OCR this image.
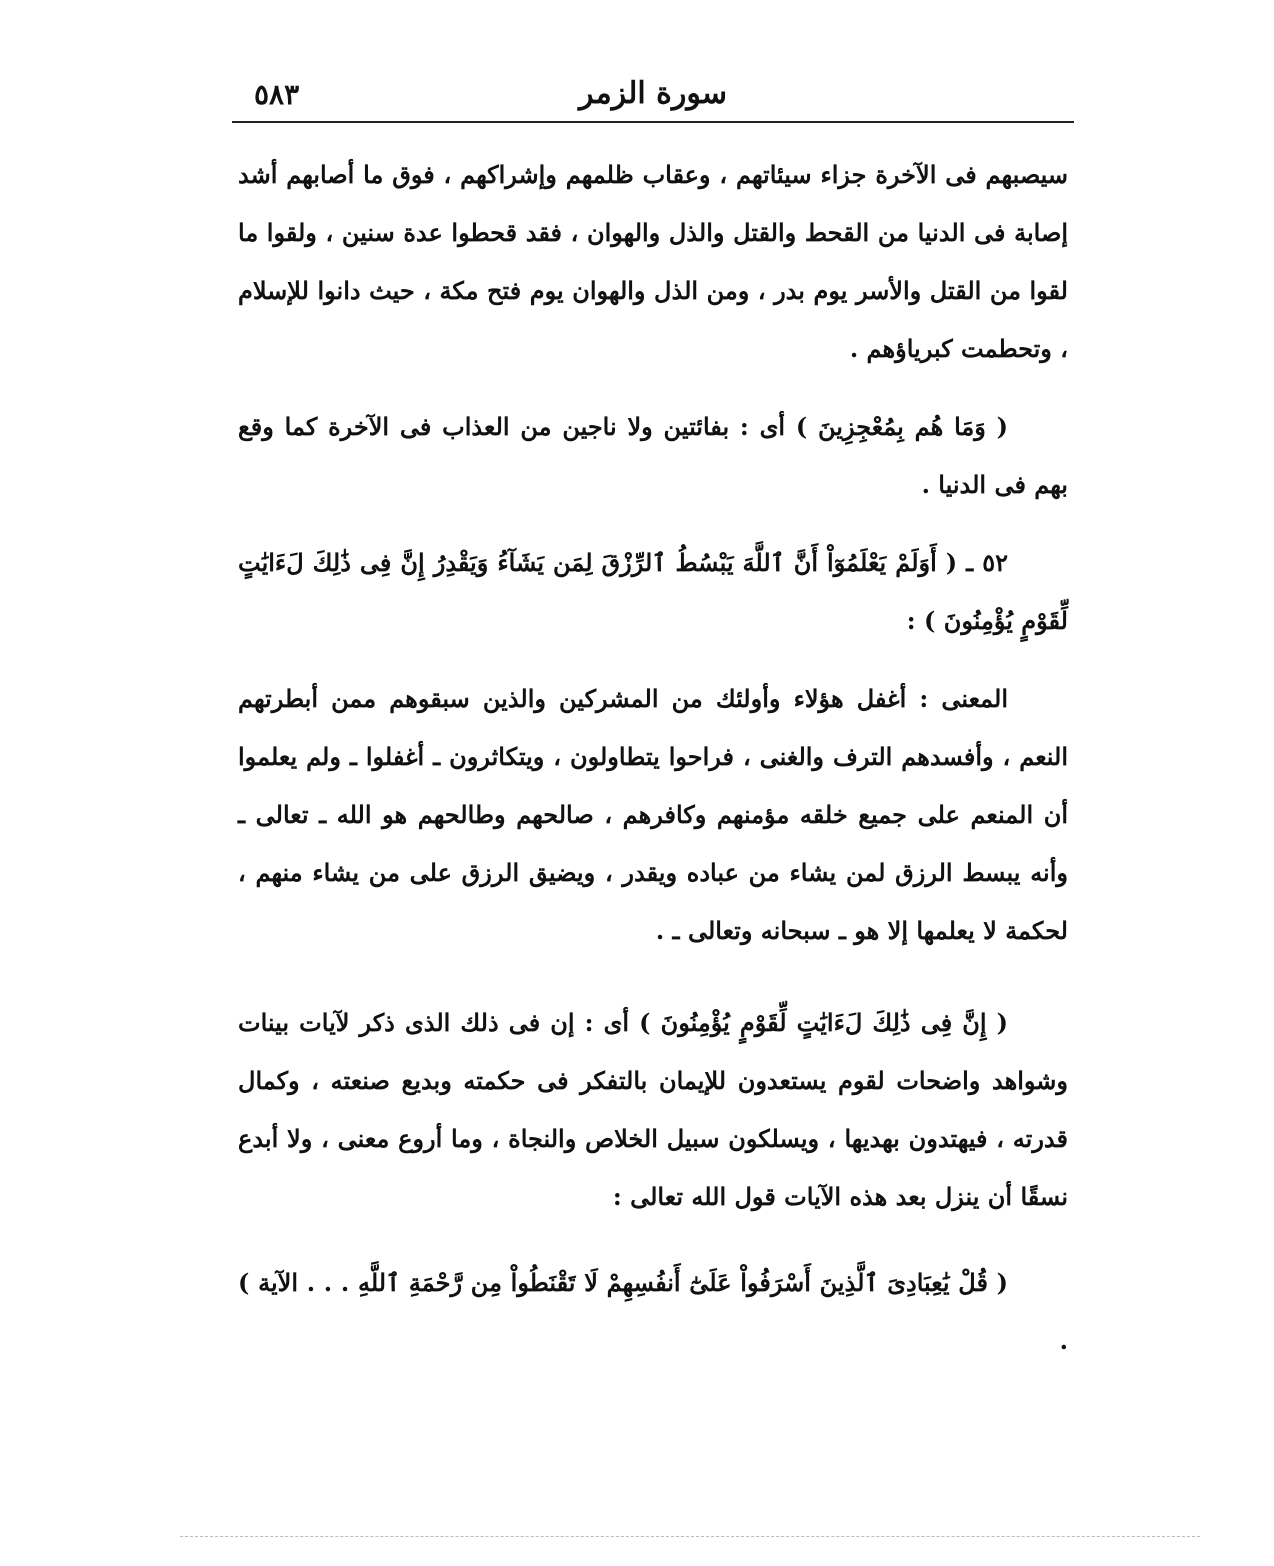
سورة الزمر
٥٨٣

سيصبهم فى الآخرة جزاء سيئاتهم ، وعقاب ظلمهم وإشراكهم ، فوق ما أصابهم أشد إصابة فى الدنيا من القحط والقتل والذل والهوان ، فقد قحطوا عدة سنين ، ولقوا ما لقوا من القتل والأسر يوم بدر ، ومن الذل والهوان يوم فتح مكة ، حيث دانوا للإسلام ، وتحطمت كبرياؤهم .

( وَمَا هُم بِمُعْجِزِينَ ) أى : بفائتين ولا ناجين من العذاب فى الآخرة كما وقع بهم فى الدنيا .

٥٢ ـ ( أَوَلَمْ يَعْلَمُوٓاْ أَنَّ ٱللَّهَ يَبْسُطُ ٱلرِّزْقَ لِمَن يَشَآءُ وَيَقْدِرُ إِنَّ فِى ذَٰلِكَ لَءَايَٰتٍ لِّقَوْمٍ يُؤْمِنُونَ ) :

المعنى : أغفل هؤلاء وأولئك من المشركين والذين سبقوهم ممن أبطرتهم النعم ، وأفسدهم الترف والغنى ، فراحوا يتطاولون ، ويتكاثرون ـ أغفلوا ـ ولم يعلموا أن المنعم على جميع خلقه مؤمنهم وكافرهم ، صالحهم وطالحهم هو الله ـ تعالى ـ وأنه يبسط الرزق لمن يشاء من عباده ويقدر ، ويضيق الرزق على من يشاء منهم ، لحكمة لا يعلمها إلا هو ـ سبحانه وتعالى ـ .

( إِنَّ فِى ذَٰلِكَ لَءَايَٰتٍ لِّقَوْمٍ يُؤْمِنُونَ ) أى : إن فى ذلك الذى ذكر لآيات بينات وشواهد واضحات لقوم يستعدون للإيمان بالتفكر فى حكمته وبديع صنعته ، وكمال قدرته ، فيهتدون بهديها ، ويسلكون سبيل الخلاص والنجاة ، وما أروع معنى ، ولا أبدع نسقًا أن ينزل بعد هذه الآيات قول الله تعالى :

( قُلْ يَٰعِبَادِىَ ٱلَّذِينَ أَسْرَفُواْ عَلَىٰٓ أَنفُسِهِمْ لَا تَقْنَطُواْ مِن رَّحْمَةِ ٱللَّهِ . . . الآية ) .
